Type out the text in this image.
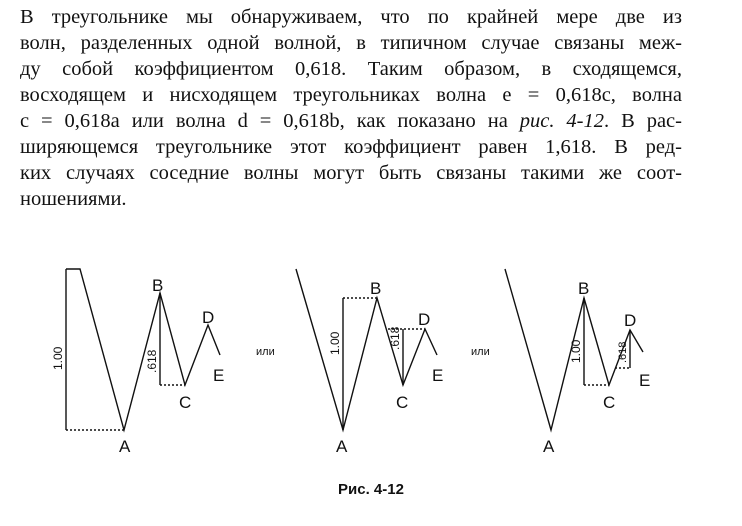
В треугольнике мы обнаруживаем, что по крайней мере две из
волн, разделенных одной волной, в типичном случае связаны меж-
ду собой коэффициентом 0,618. Таким образом, в сходящемся,
восходящем и нисходящем треугольниках волна e = 0,618c, волна
c = 0,618a или волна d = 0,618b, как показано на рис. 4-12. В рас-
ширяющемся треугольнике этот коэффициент равен 1,618. В ред-
ких случаях соседние волны могут быть связаны такими же соот-
ношениями.
B
D
E
C
A
1.00	.618	или
B
D
E
C
A
1.00	.618
или
B
D
E
C
A
1.00	.618
Рис. 4-12
